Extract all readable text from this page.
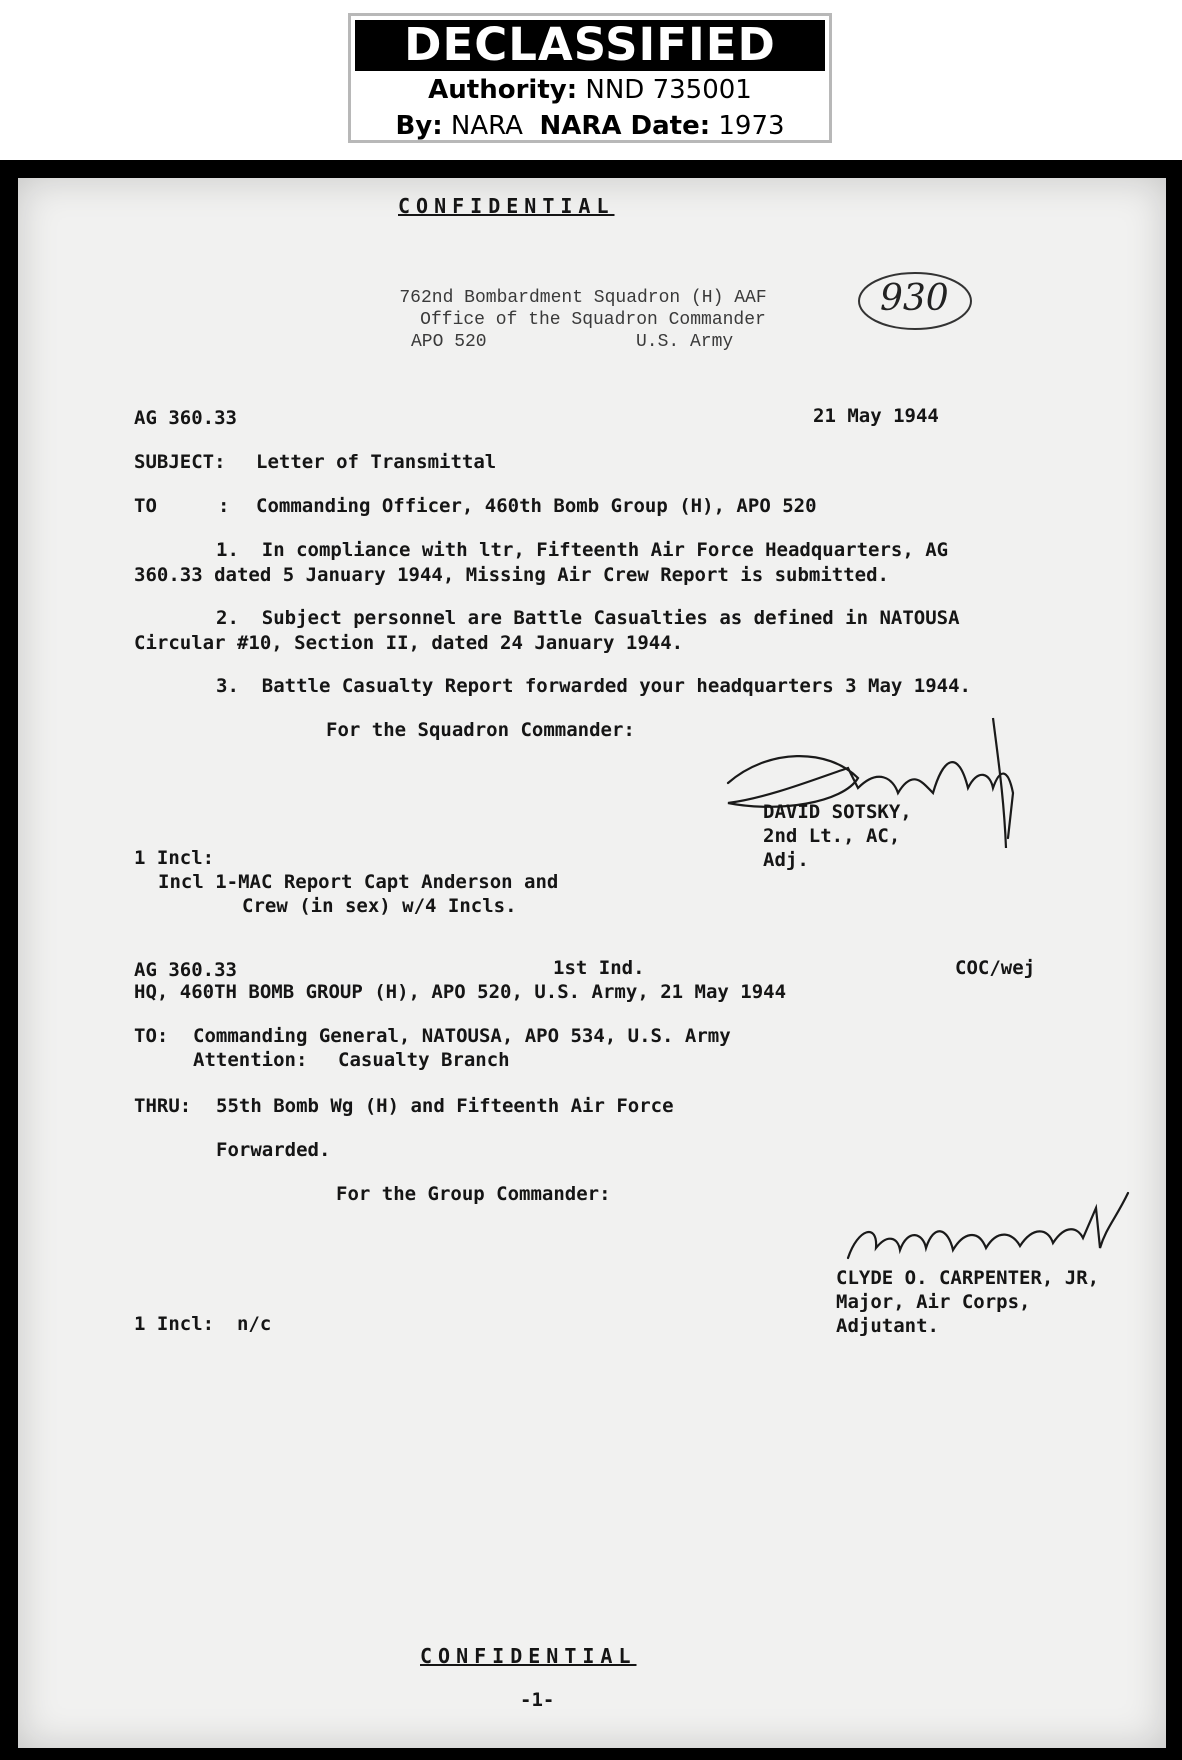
DECLASSIFIED
Authority: NND 735001
By: NARA NARA Date: 1973
CONFIDENTIAL
762nd Bombardment Squadron (H) AAF
Office of the Squadron Commander
APO 520	U.S. Army
930
AG 360.33	21 May 1944
SUBJECT: Letter of Transmittal
TO	: Commanding Officer, 460th Bomb Group (H), APO 520
1.  In compliance with ltr, Fifteenth Air Force Headquarters, AG
360.33 dated 5 January 1944, Missing Air Crew Report is submitted.
2.  Subject personnel are Battle Casualties as defined in NATOUSA
Circular #10, Section II, dated 24 January 1944.
3.  Battle Casualty Report forwarded your headquarters 3 May 1944.
For the Squadron Commander:
DAVID SOTSKY,
2nd Lt., AC,
Adj.
1 Incl:
Incl 1-MAC Report Capt Anderson and
Crew (in sex) w/4 Incls.
AG 360.33	1st Ind.	COC/wej
HQ, 460TH BOMB GROUP (H), APO 520, U.S. Army, 21 May 1944
TO: Commanding General, NATOUSA, APO 534, U.S. Army
Attention: Casualty Branch
THRU: 55th Bomb Wg (H) and Fifteenth Air Force
Forwarded.
For the Group Commander:
CLYDE O. CARPENTER, JR,
Major, Air Corps,
Adjutant.
1 Incl:  n/c
CONFIDENTIAL
-1-
